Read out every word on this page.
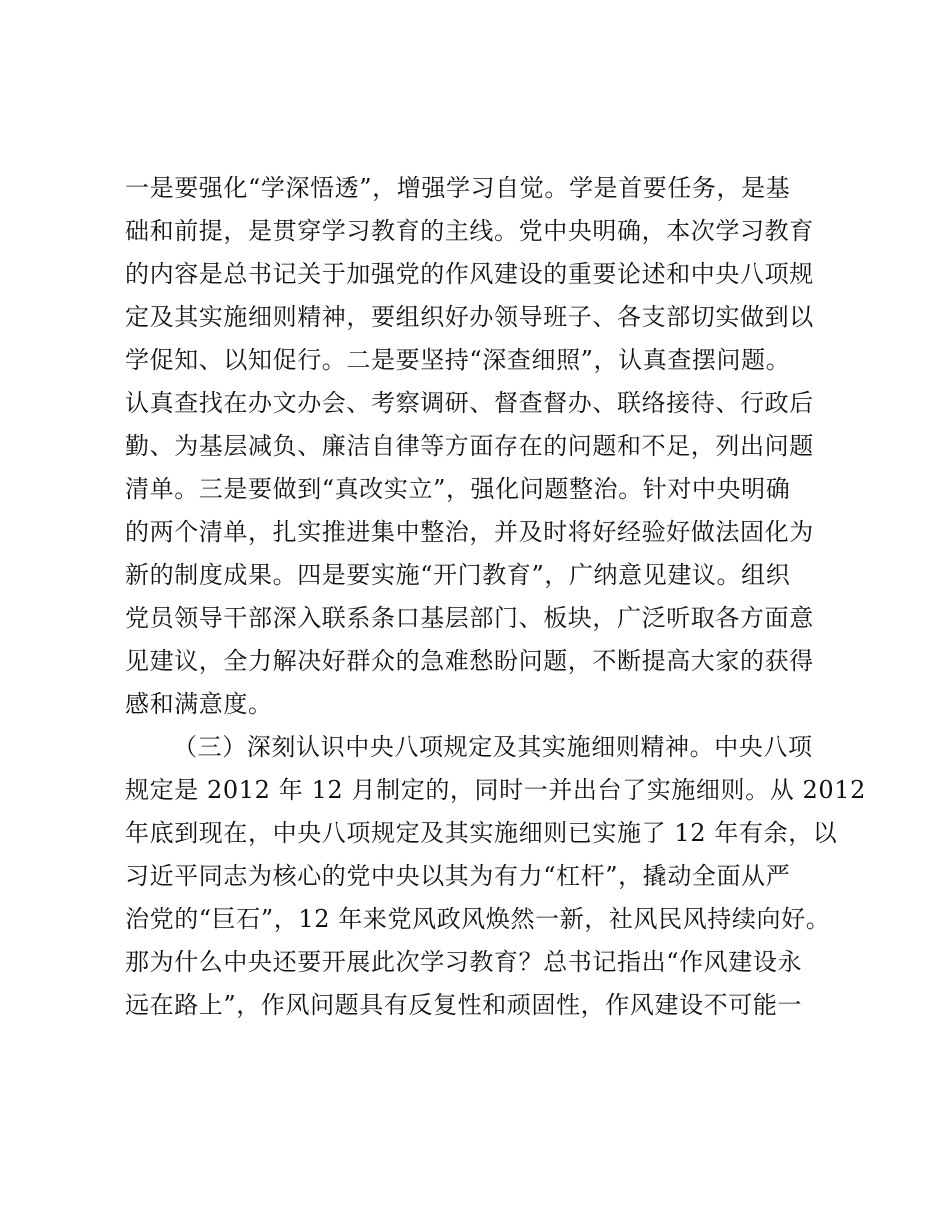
一是要强化“学深悟透”，增强学习自觉。学是首要任务，是基
础和前提，是贯穿学习教育的主线。党中央明确，本次学习教育
的内容是总书记关于加强党的作风建设的重要论述和中央八项规
定及其实施细则精神，要组织好办领导班子、各支部切实做到以
学促知、以知促行。二是要坚持“深查细照”，认真查摆问题。
认真查找在办文办会、考察调研、督查督办、联络接待、行政后
勤、为基层减负、廉洁自律等方面存在的问题和不足，列出问题
清单。三是要做到“真改实立”，强化问题整治。针对中央明确
的两个清单，扎实推进集中整治，并及时将好经验好做法固化为
新的制度成果。四是要实施“开门教育”，广纳意见建议。组织
党员领导干部深入联系条口基层部门、板块，广泛听取各方面意
见建议，全力解决好群众的急难愁盼问题，不断提高大家的获得
感和满意度。
（三）深刻认识中央八项规定及其实施细则精神。中央八项
规定是 2012 年 12 月制定的，同时一并出台了实施细则。从 2012
年底到现在，中央八项规定及其实施细则已实施了 12 年有余，以
习近平同志为核心的党中央以其为有力“杠杆”，撬动全面从严
治党的“巨石”，12 年来党风政风焕然一新，社风民风持续向好。
那为什么中央还要开展此次学习教育？总书记指出“作风建设永
远在路上”，作风问题具有反复性和顽固性，作风建设不可能一
